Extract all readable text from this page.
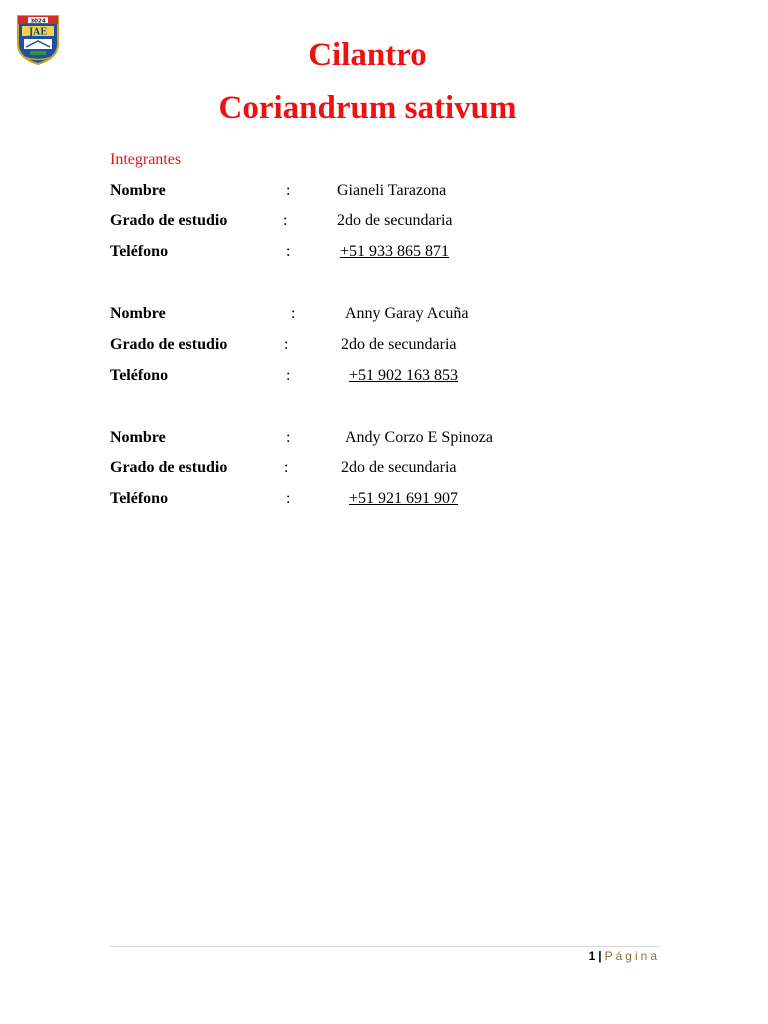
3024
JAE
Cilantro
Coriandrum sativum
Integrantes
Nombre	:	Gianeli Tarazona
Grado de estudio	:	2do de secundaria
Teléfono	:	+51 933 865 871
Nombre	:	Anny Garay Acuña
Grado de estudio	:	2do de secundaria
Teléfono	:	+51 902 163 853
Nombre	:	Andy Corzo E Spinoza
Grado de estudio	:	2do de secundaria
Teléfono	:	+51 921 691 907
1 | Página
